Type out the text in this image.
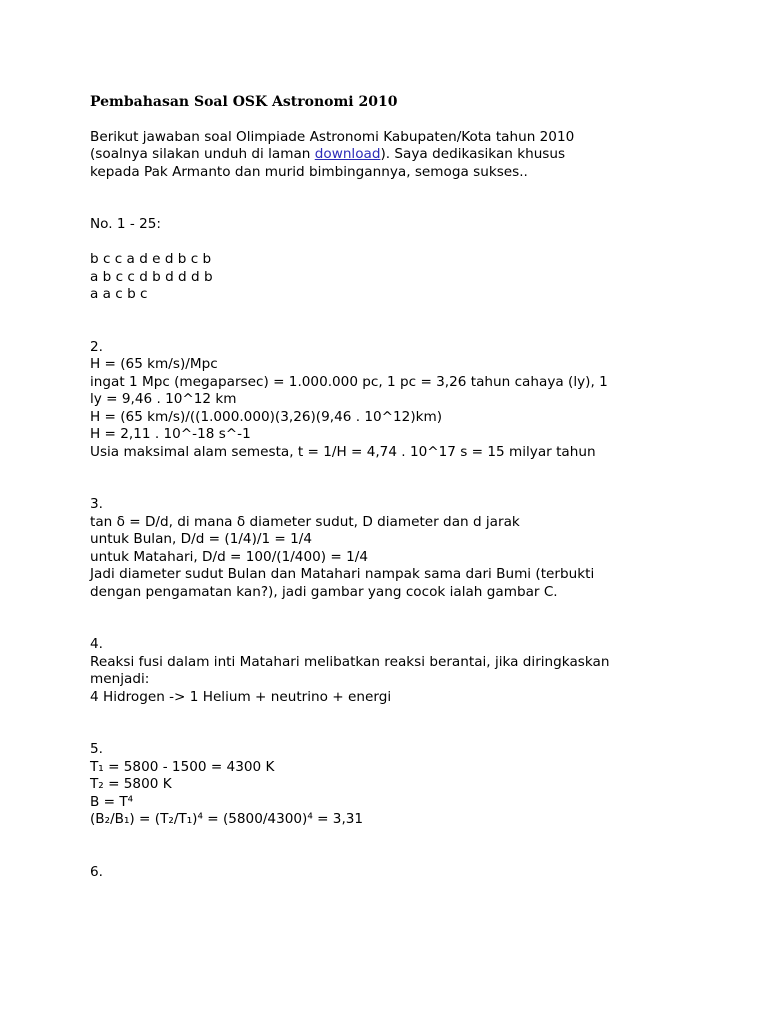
Pembahasan Soal OSK Astronomi 2010

Berikut jawaban soal Olimpiade Astronomi Kabupaten/Kota tahun 2010

(soalnya silakan unduh di laman download). Saya dedikasikan khusus

kepada Pak Armanto dan murid bimbingannya, semoga sukses..

No. 1 - 25:

b c c a d e d b c b

a b c c d b d d d b

a a c b c

2.

H = (65 km/s)/Mpc

ingat 1 Mpc (megaparsec) = 1.000.000 pc, 1 pc = 3,26 tahun cahaya (ly), 1

ly = 9,46 . 10^12 km

H = (65 km/s)/((1.000.000)(3,26)(9,46 . 10^12)km)

H = 2,11 . 10^-18 s^-1

Usia maksimal alam semesta, t = 1/H = 4,74 . 10^17 s = 15 milyar tahun

3.

tan δ = D/d, di mana δ diameter sudut, D diameter dan d jarak

untuk Bulan, D/d = (1/4)/1 = 1/4

untuk Matahari, D/d = 100/(1/400) = 1/4

Jadi diameter sudut Bulan dan Matahari nampak sama dari Bumi (terbukti

dengan pengamatan kan?), jadi gambar yang cocok ialah gambar C.

4.

Reaksi fusi dalam inti Matahari melibatkan reaksi berantai, jika diringkaskan

menjadi:

4 Hidrogen -> 1 Helium + neutrino + energi

5.

T₁ = 5800 - 1500 = 4300 K

T₂ = 5800 K

B = T⁴

(B₂/B₁) = (T₂/T₁)⁴ = (5800/4300)⁴ = 3,31

6.
